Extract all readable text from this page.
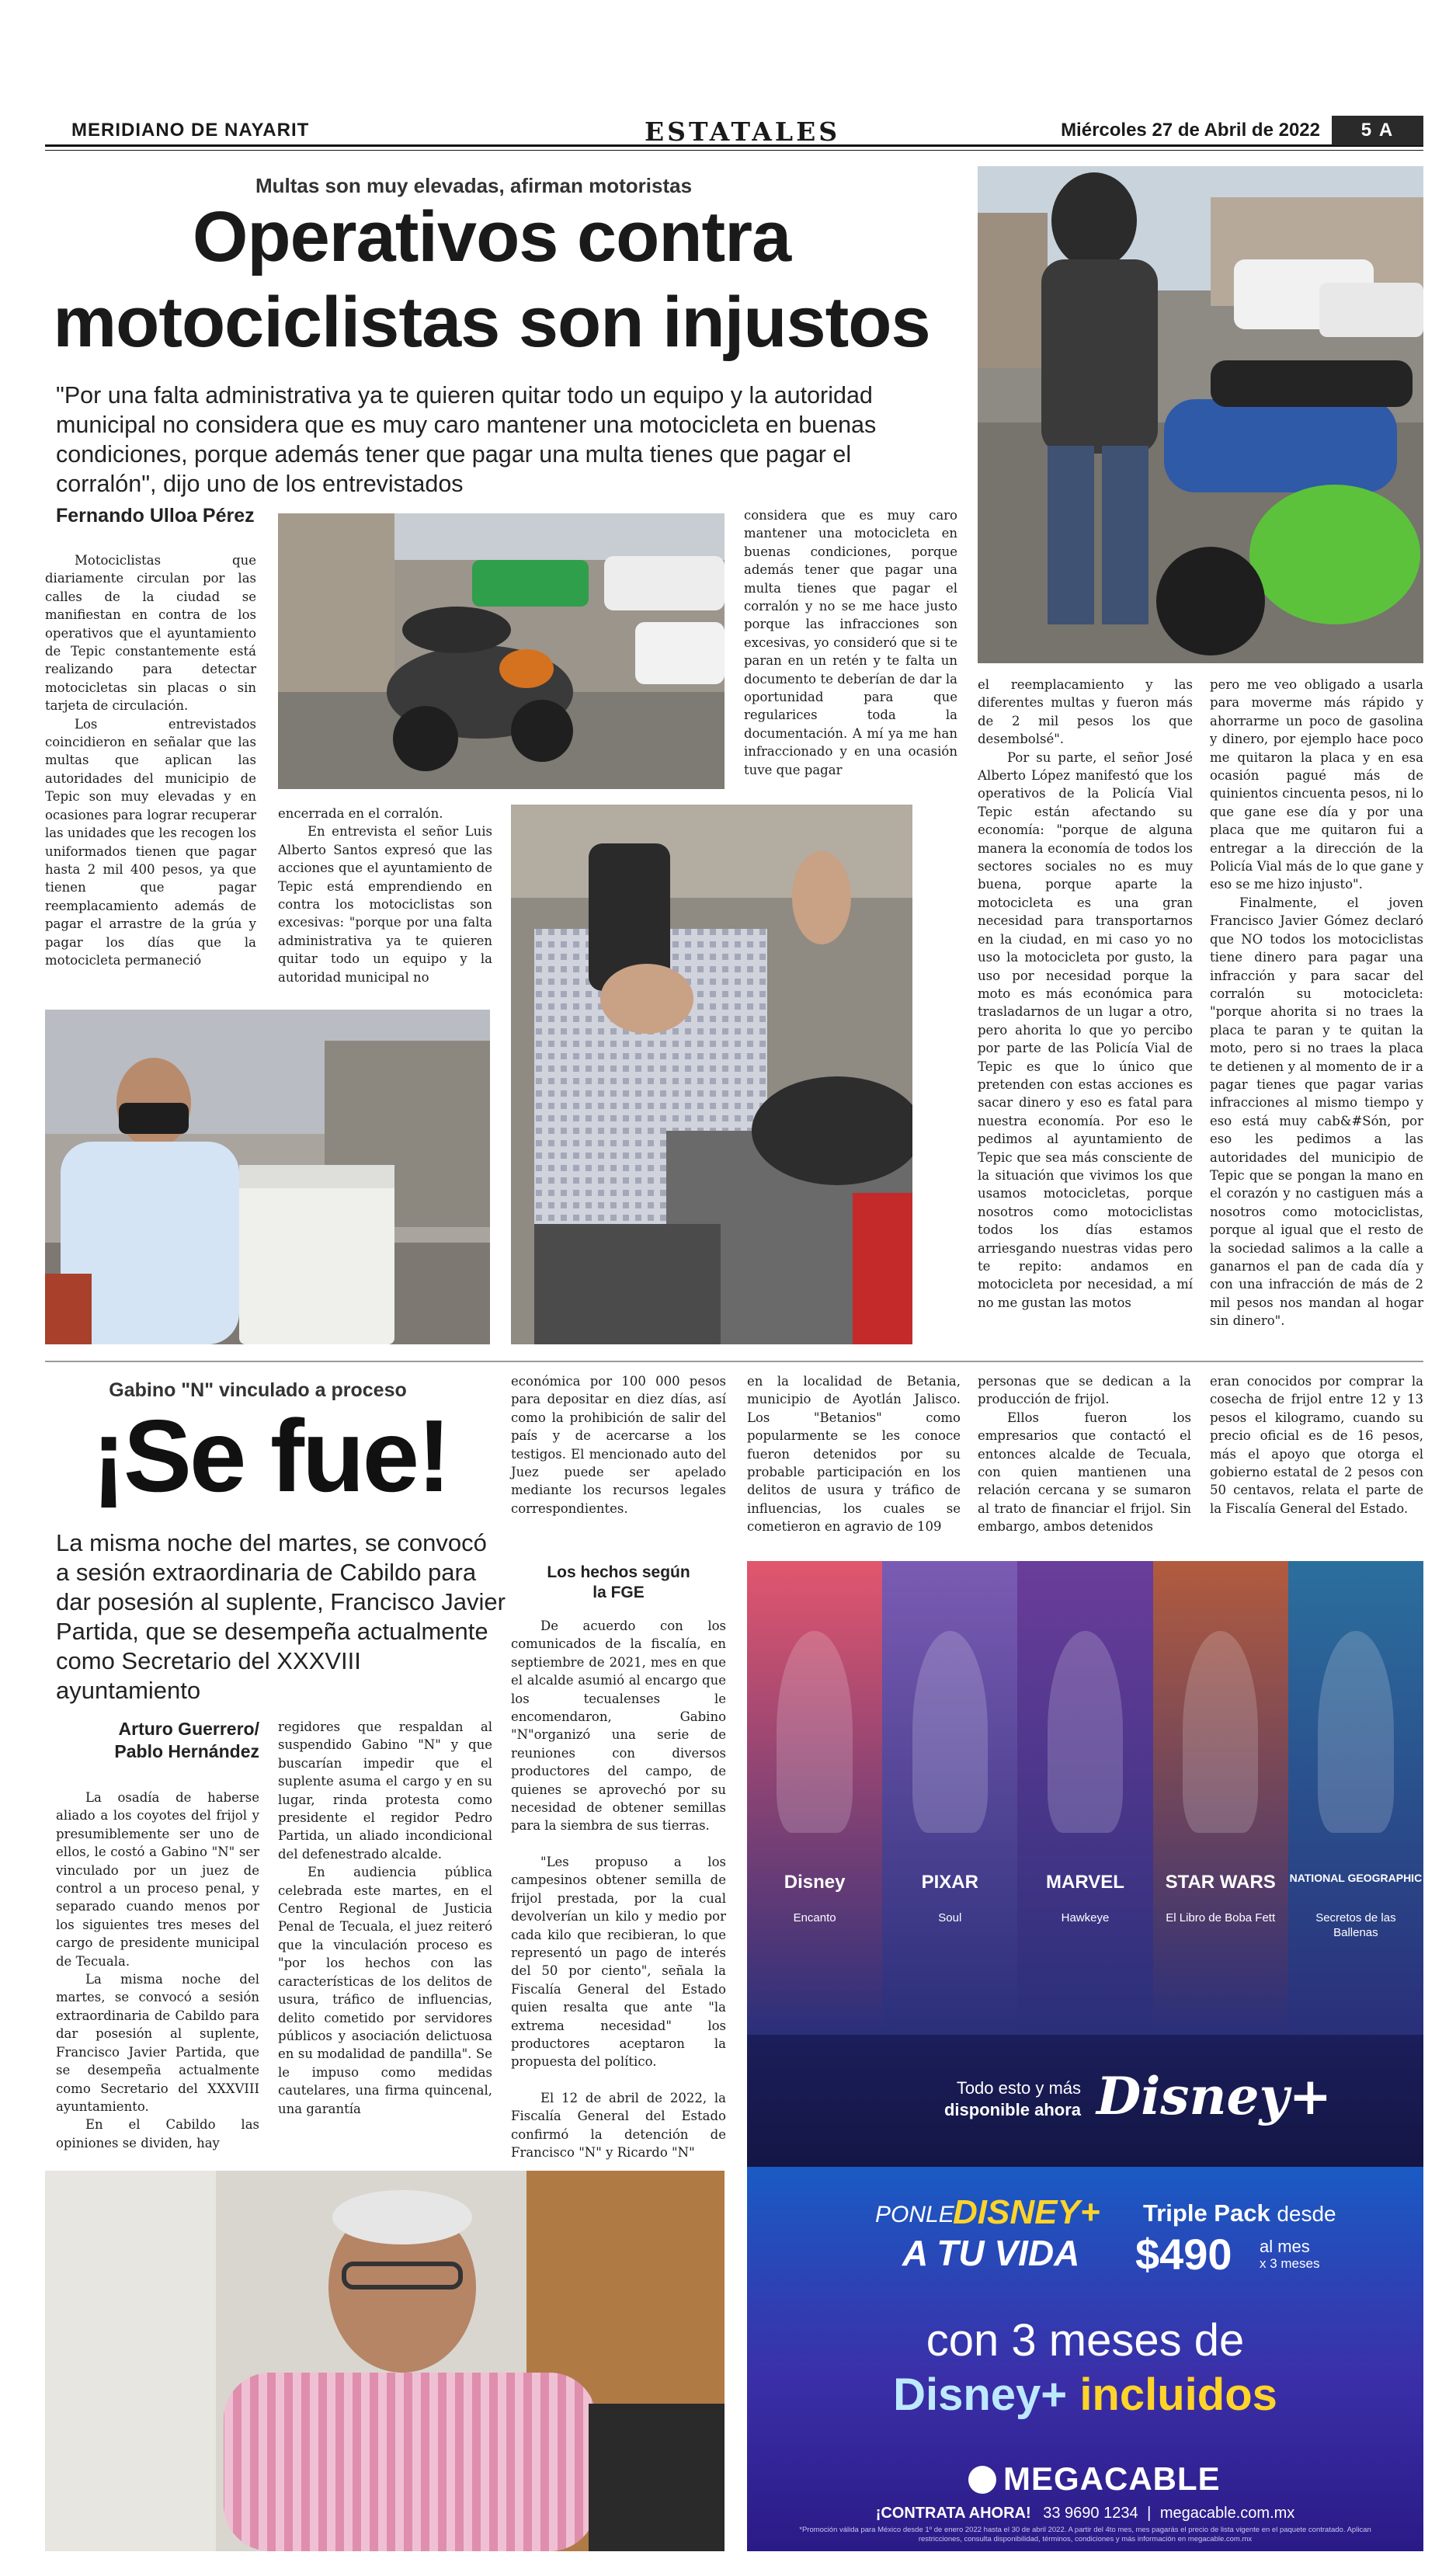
MERIDIANO DE NAYARIT	ESTATALES	Miércoles 27 de Abril de 2022	5 A
Multas son muy elevadas, afirman motoristas
Operativos contra
motociclistas son injustos
"Por una falta administrativa ya te quieren quitar todo un equipo y la autoridad municipal no considera que es muy caro mantener una motocicleta en buenas condiciones, porque además tener que pagar una multa tienes que pagar el corralón", dijo uno de los entrevistados
Fernando Ulloa Pérez

Motociclistas que diariamente circulan por las calles de la ciudad se manifiestan en contra de los operativos que el ayuntamiento de Tepic constantemente está realizando para detectar motocicletas sin placas o sin tarjeta de circulación.

Los entrevistados coincidieron en señalar que las multas que aplican las autoridades del municipio de Tepic son muy elevadas y en ocasiones para lograr recuperar las unidades que les recogen los uniformados tienen que pagar hasta 2 mil 400 pesos, ya que tienen que pagar reemplacamiento además de pagar el arrastre de la grúa y pagar los días que la motocicleta permaneció

encerrada en el corralón.

En entrevista el señor Luis Alberto Santos expresó que las acciones que el ayuntamiento de Tepic está emprendiendo en contra los motociclistas son excesivas: "porque por una falta administrativa ya te quieren quitar todo un equipo y la autoridad municipal no

considera que es muy caro mantener una motocicleta en buenas condiciones, porque además tener que pagar una multa tienes que pagar el corralón y no se me hace justo porque las infracciones son excesivas, yo consideró que si te paran en un retén y te falta un documento te deberían de dar la oportunidad para que regularices toda la documentación. A mí ya me han infraccionado y en una ocasión tuve que pagar

el reemplacamiento y las diferentes multas y fueron más de 2 mil pesos los que desembolsé".

Por su parte, el señor José Alberto López manifestó que los operativos de la Policía Vial Tepic están afectando su economía: "porque de alguna manera la economía de todos los sectores sociales no es muy buena, porque aparte la motocicleta es una gran necesidad para transportarnos en la ciudad, en mi caso yo no uso la motocicleta por gusto, la uso por necesidad porque la moto es más económica para trasladarnos de un lugar a otro, pero ahorita lo que yo percibo por parte de las Policía Vial de Tepic es que lo único que pretenden con estas acciones es sacar dinero y eso es fatal para nuestra economía. Por eso le pedimos al ayuntamiento de Tepic que sea más consciente de la situación que vivimos los que usamos motocicletas, porque nosotros como motociclistas todos los días estamos arriesgando nuestras vidas pero te repito: andamos en motocicleta por necesidad, a mí no me gustan las motos

pero me veo obligado a usarla para moverme más rápido y ahorrarme un poco de gasolina y dinero, por ejemplo hace poco me quitaron la placa y en esa ocasión pagué más de quinientos cincuenta pesos, ni lo que gane ese día y por una placa que me quitaron fui a entregar a la dirección de la Policía Vial más de lo que gane y eso se me hizo injusto".

Finalmente, el joven Francisco Javier Gómez declaró que NO todos los motociclistas tiene dinero para pagar una infracción y para sacar del corralón su motocicleta: "porque ahorita si no traes la placa te paran y te quitan la moto, pero si no traes la placa te detienen y al momento de ir a pagar tienes que pagar varias infracciones al mismo tiempo y eso está muy cab&#Són, por eso les pedimos a las autoridades del municipio de Tepic que se pongan la mano en el corazón y no castiguen más a nosotros como motociclistas, porque al igual que el resto de la sociedad salimos a la calle a ganarnos el pan de cada día y con una infracción de más de 2 mil pesos nos mandan al hogar sin dinero".

Gabino "N" vinculado a proceso
¡Se fue!
La misma noche del martes, se convocó a sesión extraordinaria de Cabildo para dar posesión al suplente, Francisco Javier Partida, que se desempeña actualmente como Secretario del XXXVIII ayuntamiento
Arturo Guerrero/
Pablo Hernández

La osadía de haberse aliado a los coyotes del frijol y presumiblemente ser uno de ellos, le costó a Gabino "N" ser vinculado por un juez de control a un proceso penal, y separado cuando menos por los siguientes tres meses del cargo de presidente municipal de Tecuala.

La misma noche del martes, se convocó a sesión extraordinaria de Cabildo para dar posesión al suplente, Francisco Javier Partida, que se desempeña actualmente como Secretario del XXXVIII ayuntamiento.

En el Cabildo las opiniones se dividen, hay

regidores que respaldan al suspendido Gabino "N" y que buscarían impedir que el suplente asuma el cargo y en su lugar, rinda protesta como presidente el regidor Pedro Partida, un aliado incondicional del defenestrado alcalde.

En audiencia pública celebrada este martes, en el Centro Regional de Justicia Penal de Tecuala, el juez reiteró que la vinculación proceso es "por los hechos con las características de los delitos de usura, tráfico de influencias, delito cometido por servidores públicos y asociación delictuosa en su modalidad de pandilla". Se le impuso como medidas cautelares, una firma quincenal, una garantía

económica por 100 000 pesos para depositar en diez días, así como la prohibición de salir del país y de acercarse a los testigos. El mencionado auto del Juez puede ser apelado mediante los recursos legales correspondientes.

Los hechos según
la FGE

De acuerdo con los comunicados de la fiscalía, en septiembre de 2021, mes en que el alcalde asumió al encargo que los tecualenses le encomendaron, Gabino "N"organizó una serie de reuniones con diversos productores del campo, de quienes se aprovechó por su necesidad de obtener semillas para la siembra de sus tierras.

"Les propuso a los campesinos obtener semilla de frijol prestada, por la cual devolverían un kilo y medio por cada kilo que recibieran, lo que representó un pago de interés del 50 por ciento", señala la Fiscalía General del Estado quien resalta que ante "la extrema necesidad" los productores aceptaron la propuesta del político.

El 12 de abril de 2022, la Fiscalía General del Estado confirmó la detención de Francisco "N" y Ricardo "N"

en la localidad de Betania, municipio de Ayotlán Jalisco. Los "Betanios" como popularmente se les conoce fueron detenidos por su probable participación en los delitos de usura y tráfico de influencias, los cuales se cometieron en agravio de 109

personas que se dedican a la producción de frijol.

Ellos fueron los empresarios que contactó el entonces alcalde de Tecuala, con quien mantienen una relación cercana y se sumaron al trato de financiar el frijol. Sin embargo, ambos detenidos

eran conocidos por comprar la cosecha de frijol entre 12 y 13 pesos el kilogramo, cuando su precio oficial es de 16 pesos, más el apoyo que otorga el gobierno estatal de 2 pesos con 50 centavos, relata el parte de la Fiscalía General del Estado.

Disney
Encanto
PIXAR
Soul
MARVEL
Hawkeye
STAR WARS
El Libro de Boba Fett
NATIONAL GEOGRAPHIC
Secretos de las Ballenas
Todo esto y más
disponible ahora Disney+
PONLE
DISNEY+
A TU VIDA
Triple Pack desde
$490 al mes
x 3 meses
con 3 meses de
Disney+ incluidos
MEGACABLE
¡CONTRATA AHORA! 33 9690 1234 | megacable.com.mx
*Promoción válida para México desde 1º de enero 2022 hasta el 30 de abril 2022. A partir del 4to mes, mes pagarás el precio de lista vigente en el paquete contratado. Aplican restricciones, consulta disponibilidad, términos, condiciones y más información en megacable.com.mx
